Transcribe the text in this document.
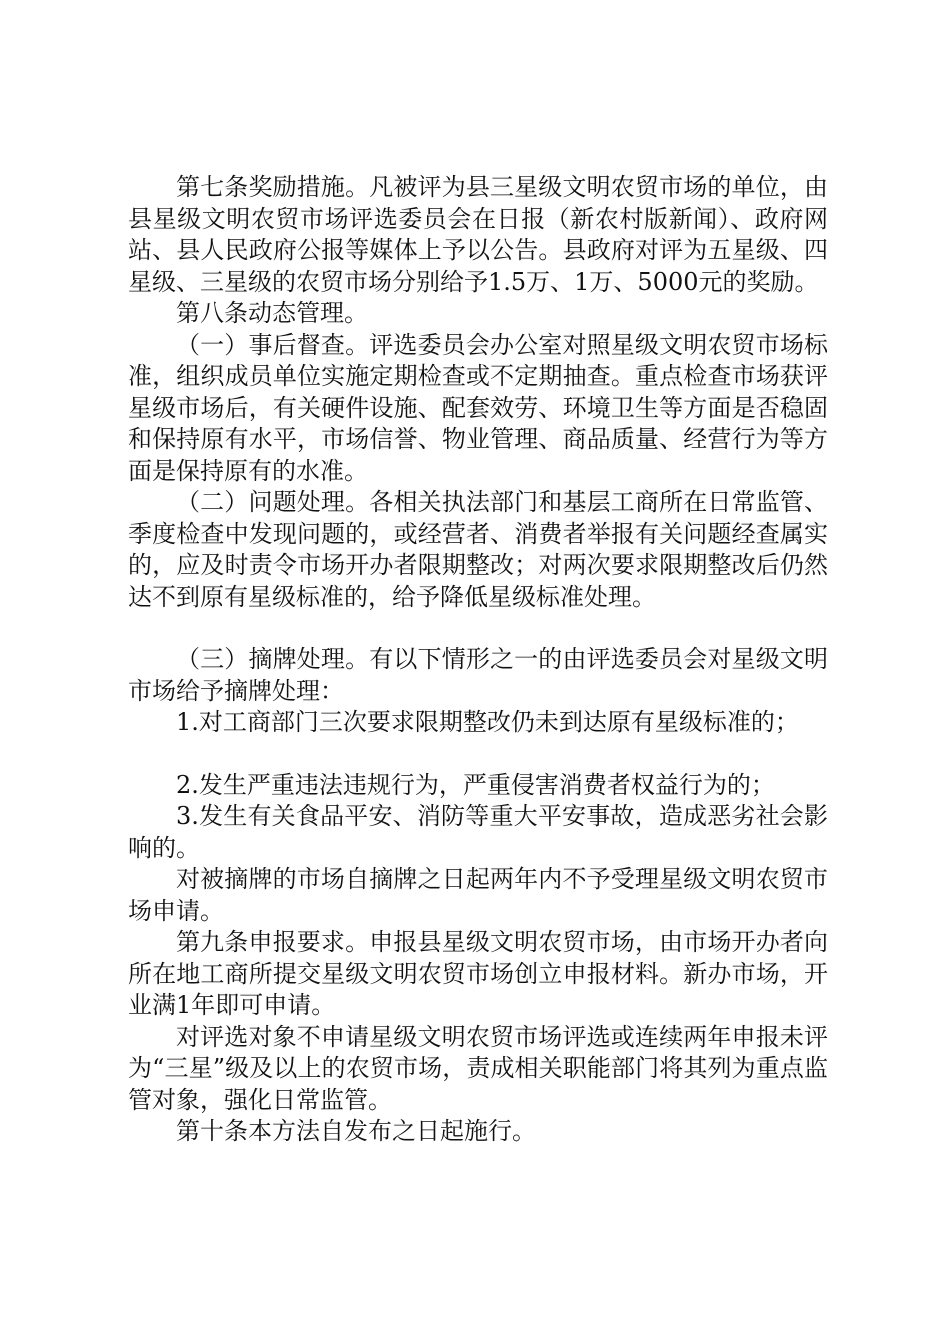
第七条奖励措施。凡被评为县三星级文明农贸市场的单位，由县星级文明农贸市场评选委员会在日报（新农村版新闻）、政府网站、县人民政府公报等媒体上予以公告。县政府对评为五星级、四星级、三星级的农贸市场分别给予1.5万、1万、5000元的奖励。

第八条动态管理。

（一）事后督查。评选委员会办公室对照星级文明农贸市场标准，组织成员单位实施定期检查或不定期抽查。重点检查市场获评星级市场后，有关硬件设施、配套效劳、环境卫生等方面是否稳固和保持原有水平，市场信誉、物业管理、商品质量、经营行为等方面是保持原有的水准。

（二）问题处理。各相关执法部门和基层工商所在日常监管、季度检查中发现问题的，或经营者、消费者举报有关问题经查属实的，应及时责令市场开办者限期整改；对两次要求限期整改后仍然达不到原有星级标准的，给予降低星级标准处理。

（三）摘牌处理。有以下情形之一的由评选委员会对星级文明市场给予摘牌处理：

1.对工商部门三次要求限期整改仍未到达原有星级标准的；

2.发生严重违法违规行为，严重侵害消费者权益行为的；

3.发生有关食品平安、消防等重大平安事故，造成恶劣社会影响的。

对被摘牌的市场自摘牌之日起两年内不予受理星级文明农贸市场申请。

第九条申报要求。申报县星级文明农贸市场，由市场开办者向所在地工商所提交星级文明农贸市场创立申报材料。新办市场，开业满1年即可申请。

对评选对象不申请星级文明农贸市场评选或连续两年申报未评为“三星”级及以上的农贸市场，责成相关职能部门将其列为重点监管对象，强化日常监管。

第十条本方法自发布之日起施行。
